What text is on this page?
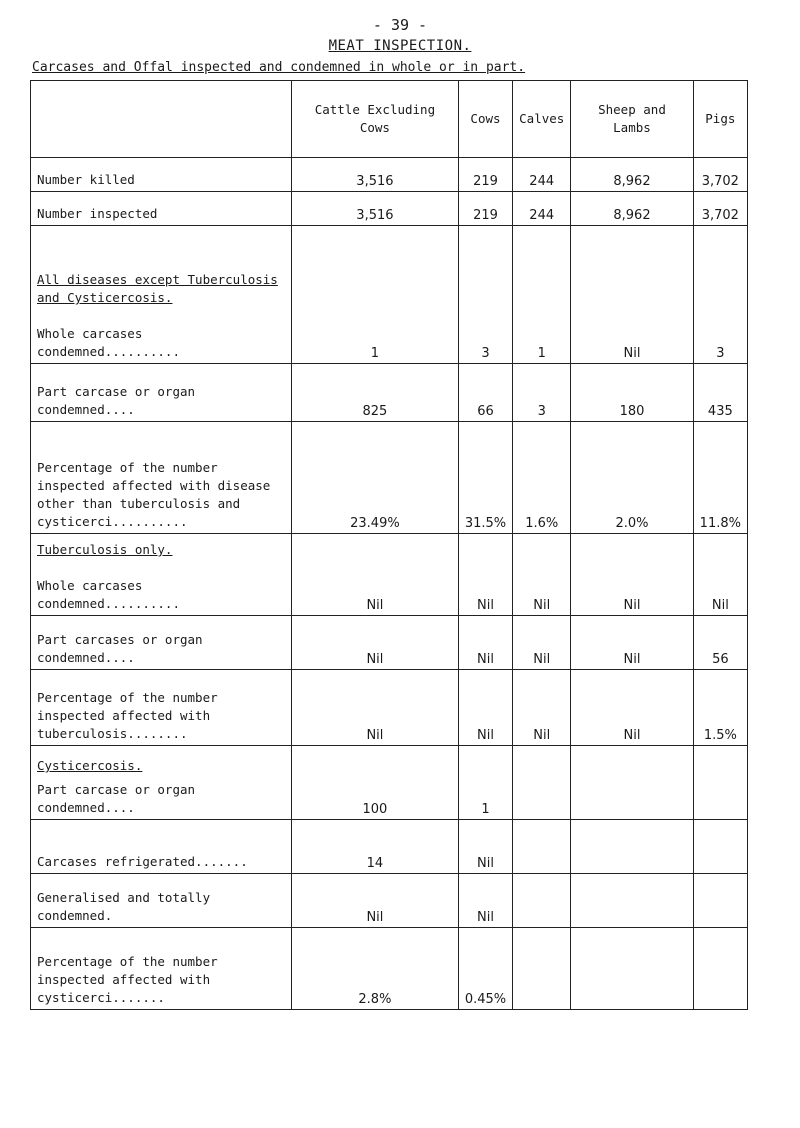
- 39 -
MEAT INSPECTION.
Carcases and Offal inspected and condemned in whole or in part.
	Cattle Excluding Cows	Cows	Calves	Sheep and Lambs	Pigs
Number killed	3,516	219	244	8,962	3,702
Number inspected	3,516	219	244	8,962	3,702
All diseases except Tuberculosis and Cysticercosis.
Whole carcases condemned..........	1	3	1	Nil	3
Part carcase or organ condemned....	825	66	3	180	435
Percentage of the number inspected affected with disease other than tuberculosis and cysticerci..........	23.49%	31.5%	1.6%	2.0%	11.8%
Tuberculosis only.
Whole carcases condemned..........	Nil	Nil	Nil	Nil	Nil
Part carcases or organ condemned....	Nil	Nil	Nil	Nil	56
Percentage of the number inspected affected with tuberculosis........	Nil	Nil	Nil	Nil	1.5%
Cysticercosis.
Part carcase or organ condemned....	100	1			
Carcases refrigerated.......	14	Nil			
Generalised and totally condemned.	Nil	Nil			
Percentage of the number inspected affected with cysticerci.......	2.8%	0.45%			
